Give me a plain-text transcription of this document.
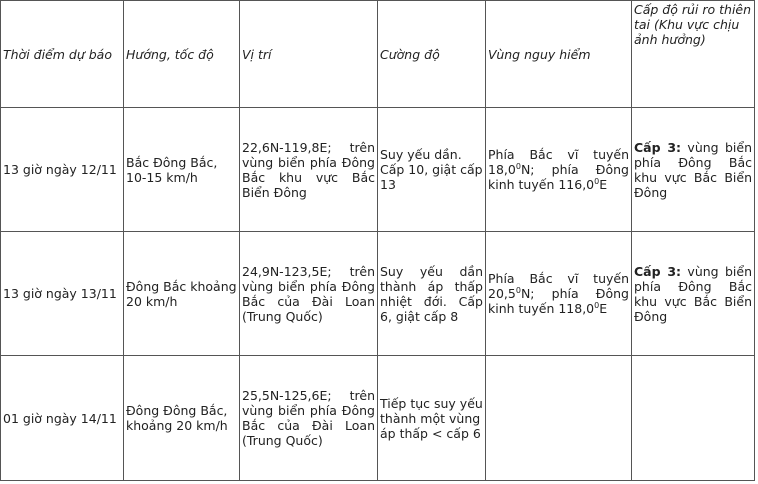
Thời điểm dự báo	Hướng, tốc độ	Vị trí	Cường độ	Vùng nguy hiểm	Cấp độ rủi ro thiên tai (Khu vực chịu ảnh hưởng)
13 giờ ngày 12/11	Bắc Đông Bắc, 10-15 km/h	22,6N-119,8E; trên vùng biển phía Đông Bắc khu vực Bắc Biển Đông	Suy yếu dần. Cấp 10, giật cấp 13	Phía Bắc vĩ tuyến 18,0$^0$N; phía Đông kinh tuyến 116,0$^0$E	Cấp 3: vùng biển phía Đông Bắc khu vực Bắc Biển Đông
13 giờ ngày 13/11	Đông Bắc khoảng 20 km/h	24,9N-123,5E; trên vùng biển phía Đông Bắc của Đài Loan (Trung Quốc)	Suy yếu dần thành áp thấp nhiệt đới. Cấp 6, giật cấp 8	Phía Bắc vĩ tuyến 20,5$^0$N; phía Đông kinh tuyến 118,0$^0$E	Cấp 3: vùng biển phía Đông Bắc khu vực Bắc Biển Đông
01 giờ ngày 14/11	Đông Đông Bắc, khoảng 20 km/h	25,5N-125,6E; trên vùng biển phía Đông Bắc của Đài Loan (Trung Quốc)	Tiếp tục suy yếu thành một vùng áp thấp < cấp 6		
